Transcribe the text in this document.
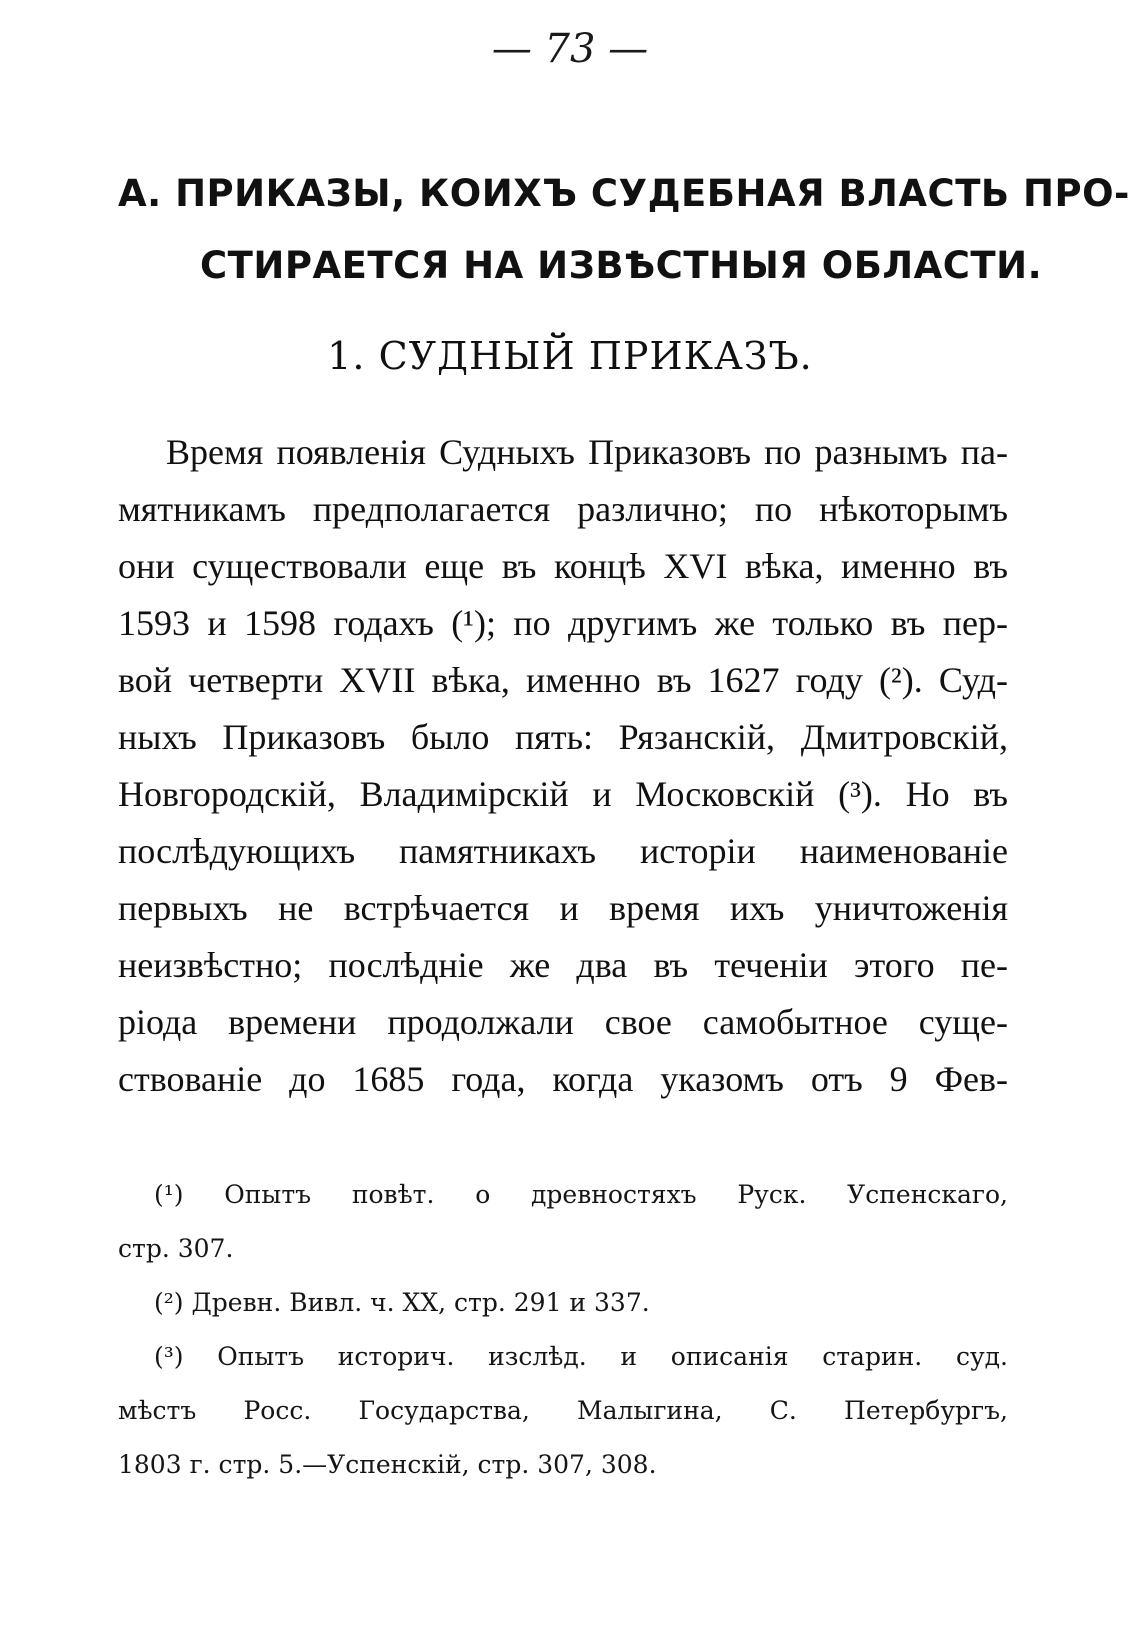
— 73 —
А. ПРИКАЗЫ, КОИХЪ СУДЕБНАЯ ВЛАСТЬ ПРО-
СТИРАЕТСЯ НА ИЗВѢСТНЫЯ ОБЛАСТИ.
1. СУДНЫЙ ПРИКАЗЪ.
Время появленія Судныхъ Приказовъ по разнымъ па-
мятникамъ предполагается различно; по нѣкоторымъ
они существовали еще въ концѣ XVI вѣка, именно въ
1593 и 1598 годахъ (¹); по другимъ же только въ пер-
вой четверти XVII вѣка, именно въ 1627 году (²). Суд-
ныхъ Приказовъ было пять: Рязанскій, Дмитровскій,
Новгородскій, Владимірскій и Московскій (³). Но въ
послѣдующихъ памятникахъ исторіи наименованіе
первыхъ не встрѣчается и время ихъ уничтоженія
неизвѣстно; послѣдніе же два въ теченіи этого пе-
ріода времени продолжали свое самобытное суще-
ствованіе до 1685 года, когда указомъ отъ 9 Фев-
(¹) Опытъ повѣт. о древностяхъ Руск. Успенскаго,
стр. 307.
(²) Древн. Вивл. ч. XX, стр. 291 и 337.
(³) Опытъ историч. изслѣд. и описанія старин. суд.
мѣстъ Росс. Государства, Малыгина, С. Петербургъ,
1803 г. стр. 5.—Успенскій, стр. 307, 308.
